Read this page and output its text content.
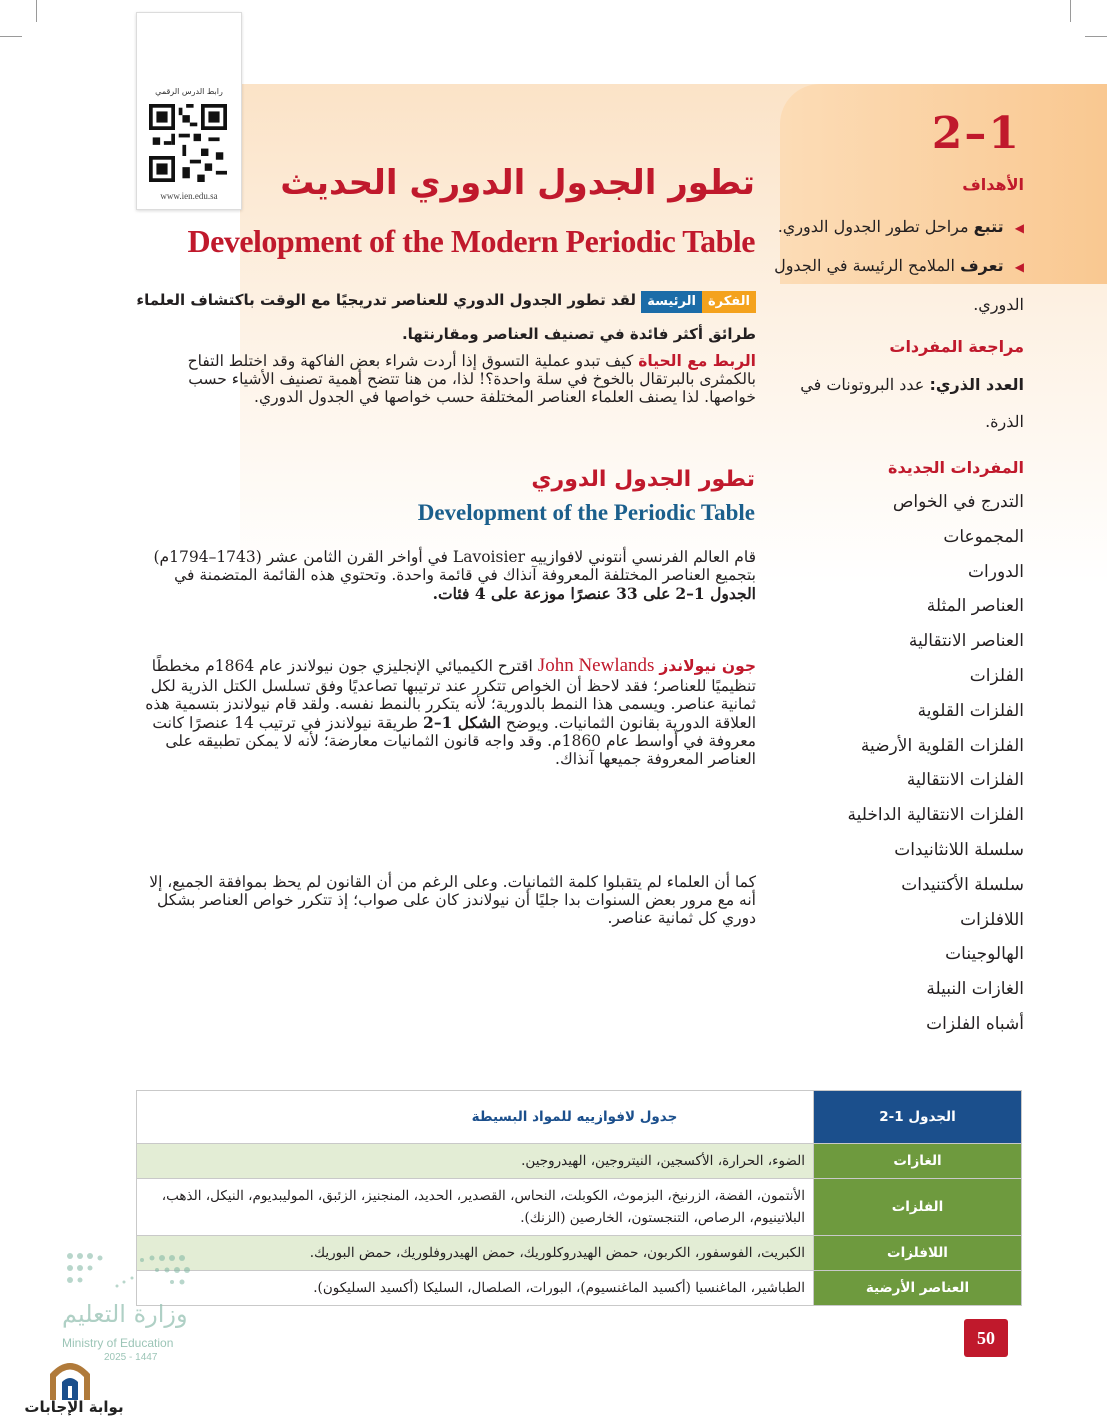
2–1
رابط الدرس الرقمي
www.ien.edu.sa	تطور الجدول الدوري الحديث
Development of the Modern Periodic Table
الفكرةالرئيسة لقد تطور الجدول الدوري للعناصر تدريجيًا مع الوقت باكتشاف العلماء طرائق أكثر فائدة في تصنيف العناصر ومقارنتها.
الربط مع الحياة كيف تبدو عملية التسوق إذا أردت شراء بعض الفاكهة وقد اختلط التفاح بالكمثرى بالبرتقال بالخوخ في سلة واحدة؟! لذا، من هنا تتضح أهمية تصنيف الأشياء حسب خواصها. لذا يصنف العلماء العناصر المختلفة حسب خواصها في الجدول الدوري.
تطور الجدول الدوري
Development of the Periodic Table

قام العالم الفرنسي أنتوني لافوازييه Lavoisier في أواخر القرن الثامن عشر (1743–1794م) بتجميع العناصر المختلفة المعروفة آنذاك في قائمة واحدة. وتحتوي هذه القائمة المتضمنة في الجدول 1–2 على 33 عنصرًا موزعة على 4 فئات.

جون نيولاندز John Newlands اقترح الكيميائي الإنجليزي جون نيولاندز عام 1864م مخططًا تنظيميًا للعناصر؛ فقد لاحظ أن الخواص تتكرر عند ترتيبها تصاعديًا وفق تسلسل الكتل الذرية لكل ثمانية عناصر. ويسمى هذا النمط بالدورية؛ لأنه يتكرر بالنمط نفسه. ولقد قام نيولاندز بتسمية هذه العلاقة الدورية بقانون الثمانيات. ويوضح الشكل 1–2 طريقة نيولاندز في ترتيب 14 عنصرًا كانت معروفة في أواسط عام 1860م. وقد واجه قانون الثمانيات معارضة؛ لأنه لا يمكن تطبيقه على العناصر المعروفة جميعها آنذاك.

كما أن العلماء لم يتقبلوا كلمة الثمانيات. وعلى الرغم من أن القانون لم يحظ بموافقة الجميع، إلا أنه مع مرور بعض السنوات بدا جليًا أن نيولاندز كان على صواب؛ إذ تتكرر خواص العناصر بشكل دوري كل ثمانية عناصر.

الأهداف
◀ تتبع مراحل تطور الجدول الدوري.
◀ تعرف الملامح الرئيسة في الجدول الدوري.
مراجعة المفردات
العدد الذري: عدد البروتونات في الذرة.
المفردات الجديدة
التدرج في الخواص
المجموعات
الدورات
العناصر المثلة
العناصر الانتقالية
الفلزات
الفلزات القلوية
الفلزات القلوية الأرضية
الفلزات الانتقالية
الفلزات الانتقالية الداخلية
سلسلة اللانثانيدات
سلسلة الأكتنيدات
اللافلزات
الهالوجينات
الغازات النبيلة
أشباه الفلزات
الجدول 1-2	جدول لافوازييه للمواد البسيطة
الغازات	الضوء، الحرارة، الأكسجين، النيتروجين، الهيدروجين.
الفلزات	الأنتمون، الفضة، الزرنيخ، البزموث، الكوبلت، النحاس، القصدير، الحديد، المنجنيز، الزئبق، الموليبديوم، النيكل، الذهب، البلاتينيوم، الرصاص، التنجستون، الخارصين (الزنك).
اللافلزات	الكبريت، الفوسفور، الكربون، حمض الهيدروكلوريك، حمض الهيدروفلوريك، حمض البوريك.
العناصر الأرضية	الطباشير، الماغنسيا (أكسيد الماغنسيوم)، البورات، الصلصال، السليكا (أكسيد السليكون).
50
وزارة التعليم
Ministry of Education
2025 - 1447
بوابة الإجابات
